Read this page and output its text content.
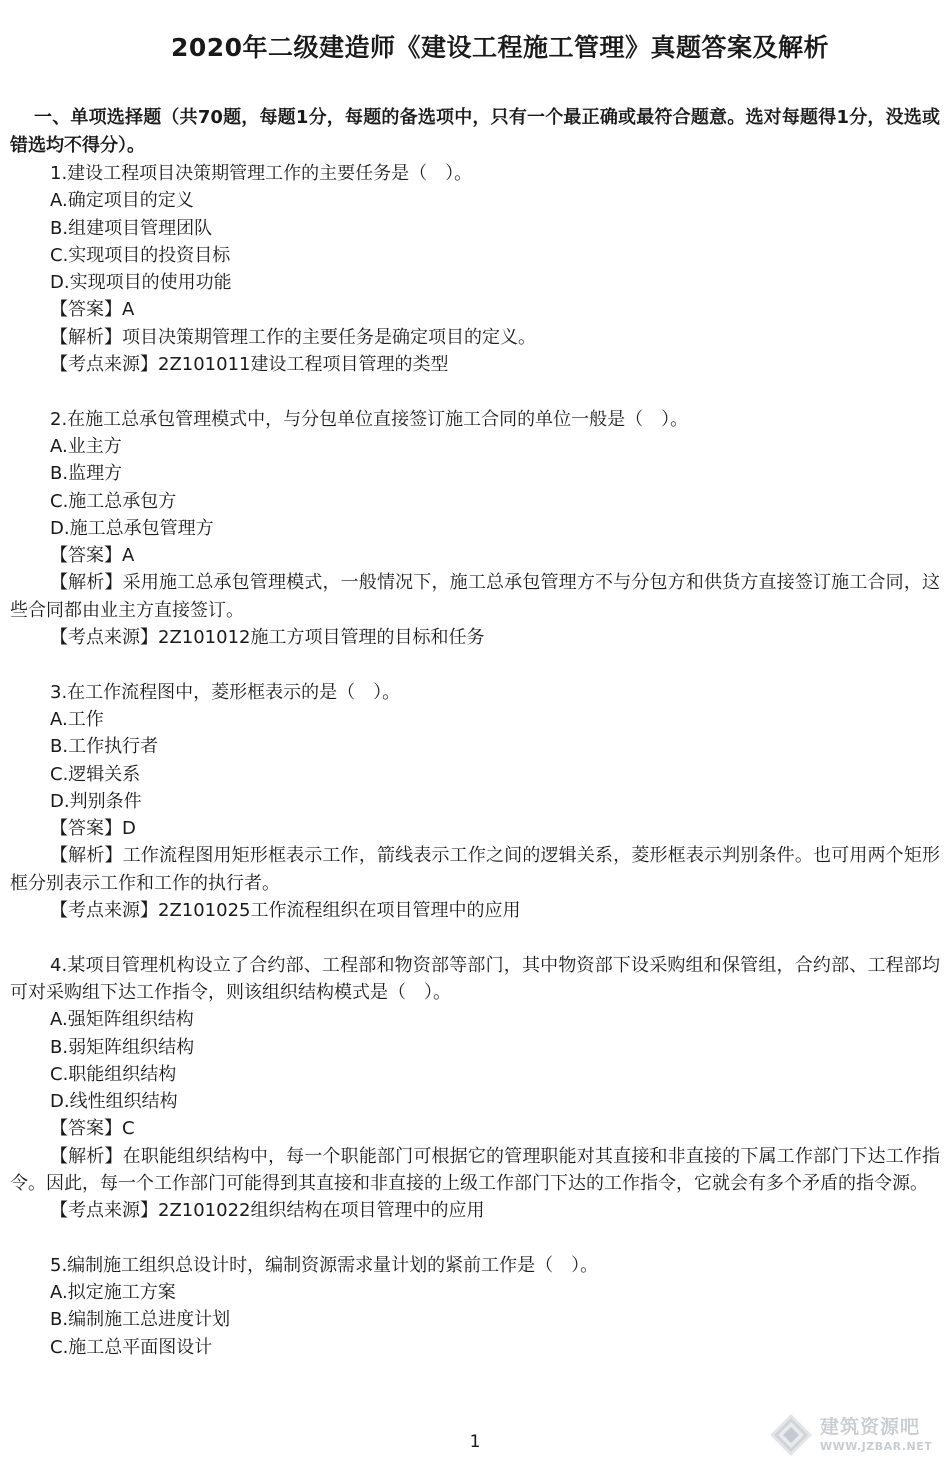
2020年二级建造师《建设工程施工管理》真题答案及解析
一、单项选择题（共70题，每题1分，每题的备选项中，只有一个最正确或最符合题意。选对每题得1分，没选或错选均不得分）。
1.建设工程项目决策期管理工作的主要任务是（　）。
A.确定项目的定义
B.组建项目管理团队
C.实现项目的投资目标
D.实现项目的使用功能
【答案】A
【解析】项目决策期管理工作的主要任务是确定项目的定义。
【考点来源】2Z101011建设工程项目管理的类型
2.在施工总承包管理模式中，与分包单位直接签订施工合同的单位一般是（　）。
A.业主方
B.监理方
C.施工总承包方
D.施工总承包管理方
【答案】A
【解析】采用施工总承包管理模式，一般情况下，施工总承包管理方不与分包方和供货方直接签订施工合同，这些合同都由业主方直接签订。
【考点来源】2Z101012施工方项目管理的目标和任务
3.在工作流程图中，菱形框表示的是（　）。
A.工作
B.工作执行者
C.逻辑关系
D.判别条件
【答案】D
【解析】工作流程图用矩形框表示工作，箭线表示工作之间的逻辑关系，菱形框表示判别条件。也可用两个矩形框分别表示工作和工作的执行者。
【考点来源】2Z101025工作流程组织在项目管理中的应用
4.某项目管理机构设立了合约部、工程部和物资部等部门，其中物资部下设采购组和保管组，合约部、工程部均可对采购组下达工作指令，则该组织结构模式是（　）。
A.强矩阵组织结构
B.弱矩阵组织结构
C.职能组织结构
D.线性组织结构
【答案】C
【解析】在职能组织结构中，每一个职能部门可根据它的管理职能对其直接和非直接的下属工作部门下达工作指令。因此，每一个工作部门可能得到其直接和非直接的上级工作部门下达的工作指令，它就会有多个矛盾的指令源。
【考点来源】2Z101022组织结构在项目管理中的应用
5.编制施工组织总设计时，编制资源需求量计划的紧前工作是（　）。
A.拟定施工方案
B.编制施工总进度计划
C.施工总平面图设计
1
建筑资源吧
WWW.JZBAR.NET
